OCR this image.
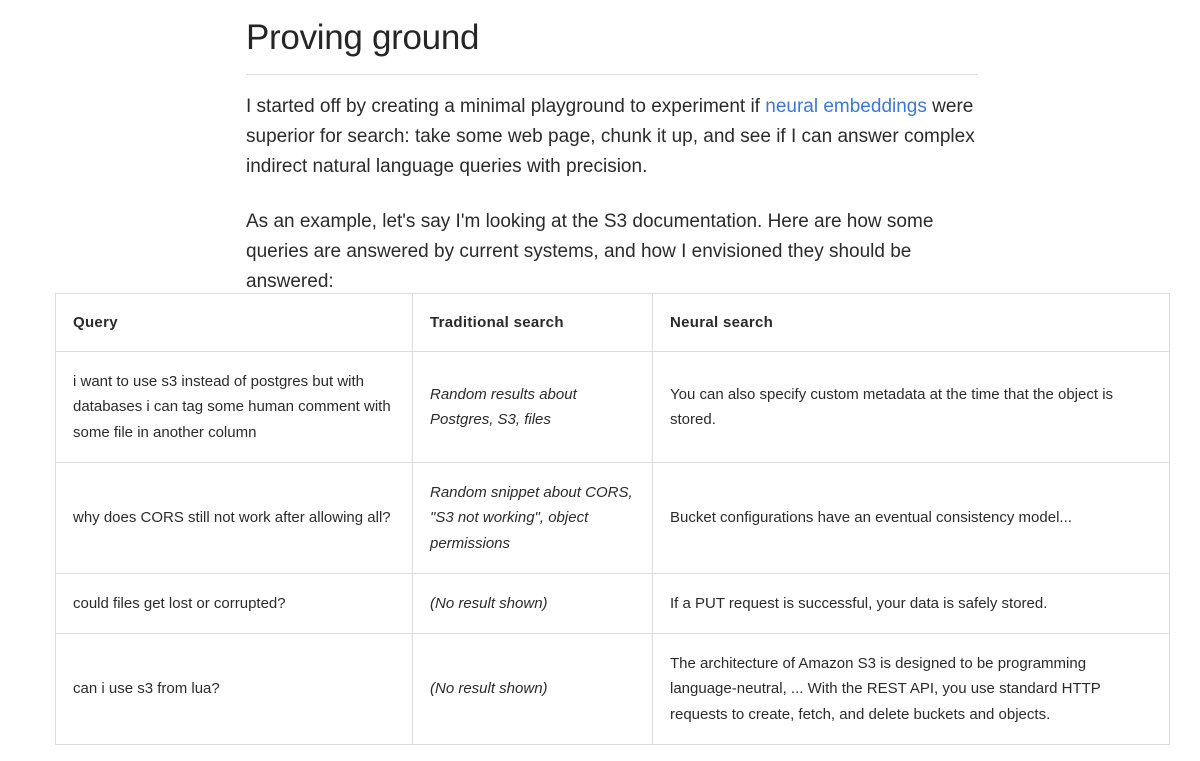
Proving ground

I started off by creating a minimal playground to experiment if neural embeddings were superior for search: take some web page, chunk it up, and see if I can answer complex indirect natural language queries with precision.

As an example, let's say I'm looking at the S3 documentation. Here are how some queries are answered by current systems, and how I envisioned they should be answered:

Query	Traditional search	Neural search
i want to use s3 instead of postgres but with databases i can tag some human comment with some file in another column	Random results about Postgres, S3, files	You can also specify custom metadata at the time that the object is stored.
why does CORS still not work after allowing all?	Random snippet about CORS, "S3 not working", object permissions	Bucket configurations have an eventual consistency model...
could files get lost or corrupted?	(No result shown)	If a PUT request is successful, your data is safely stored.
can i use s3 from lua?	(No result shown)	The architecture of Amazon S3 is designed to be programming language-neutral, ... With the REST API, you use standard HTTP requests to create, fetch, and delete buckets and objects.
